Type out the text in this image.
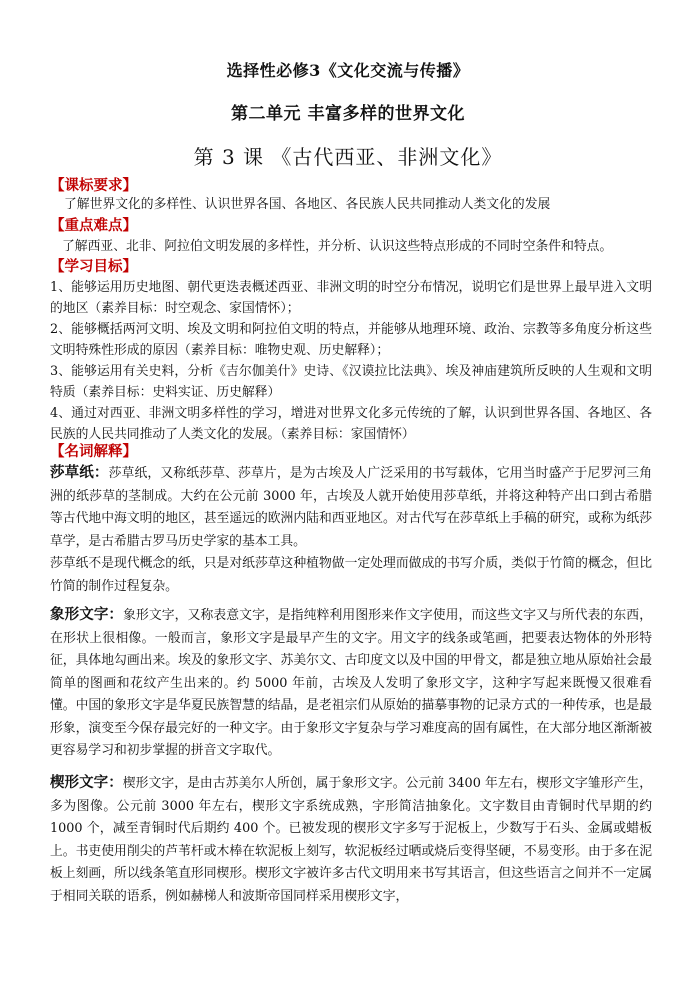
选择性必修3《文化交流与传播》
第二单元 丰富多样的世界文化
第 3 课 《古代西亚、非洲文化》
【课标要求】

了解世界文化的多样性、认识世界各国、各地区、各民族人民共同推动人类文化的发展

【重点难点】

了解西亚、北非、阿拉伯文明发展的多样性，并分析、认识这些特点形成的不同时空条件和特点。

【学习目标】

1、能够运用历史地图、朝代更迭表概述西亚、非洲文明的时空分布情况，说明它们是世界上最早进入文明的地区（素养目标：时空观念、家国情怀）；

2、能够概括两河文明、埃及文明和阿拉伯文明的特点，并能够从地理环境、政治、宗教等多角度分析这些文明特殊性形成的原因（素养目标：唯物史观、历史解释）；

3、能够运用有关史料，分析《吉尔伽美什》史诗、《汉谟拉比法典》、埃及神庙建筑所反映的人生观和文明特质（素养目标：史料实证、历史解释）

4、通过对西亚、非洲文明多样性的学习，增进对世界文化多元传统的了解，认识到世界各国、各地区、各民族的人民共同推动了人类文化的发展。（素养目标：家国情怀）

【名词解释】

莎草纸：莎草纸，又称纸莎草、莎草片，是为古埃及人广泛采用的书写载体，它用当时盛产于尼罗河三角洲的纸莎草的茎制成。大约在公元前 3000 年，古埃及人就开始使用莎草纸，并将这种特产出口到古希腊等古代地中海文明的地区，甚至遥远的欧洲内陆和西亚地区。对古代写在莎草纸上手稿的研究，或称为纸莎草学，是古希腊古罗马历史学家的基本工具。

莎草纸不是现代概念的纸，只是对纸莎草这种植物做一定处理而做成的书写介质，类似于竹简的概念，但比竹简的制作过程复杂。

象形文字：象形文字，又称表意文字，是指纯粹利用图形来作文字使用，而这些文字又与所代表的东西，在形状上很相像。一般而言，象形文字是最早产生的文字。用文字的线条或笔画，把要表达物体的外形特征，具体地勾画出来。埃及的象形文字、苏美尔文、古印度文以及中国的甲骨文，都是独立地从原始社会最简单的图画和花纹产生出来的。约 5000 年前，古埃及人发明了象形文字，这种字写起来既慢又很难看懂。中国的象形文字是华夏民族智慧的结晶，是老祖宗们从原始的描摹事物的记录方式的一种传承，也是最形象，演变至今保存最完好的一种文字。由于象形文字复杂与学习难度高的固有属性，在大部分地区渐渐被更容易学习和初步掌握的拼音文字取代。

楔形文字：楔形文字，是由古苏美尔人所创，属于象形文字。公元前 3400 年左右，楔形文字雏形产生，多为图像。公元前 3000 年左右，楔形文字系统成熟，字形简洁抽象化。文字数目由青铜时代早期的约 1000 个，减至青铜时代后期约 400 个。已被发现的楔形文字多写于泥板上，少数写于石头、金属或蜡板上。书吏使用削尖的芦苇杆或木棒在软泥板上刻写，软泥板经过晒或烧后变得坚硬，不易变形。由于多在泥板上刻画，所以线条笔直形同楔形。楔形文字被许多古代文明用来书写其语言，但这些语言之间并不一定属于相同关联的语系，例如赫梯人和波斯帝国同样采用楔形文字，
